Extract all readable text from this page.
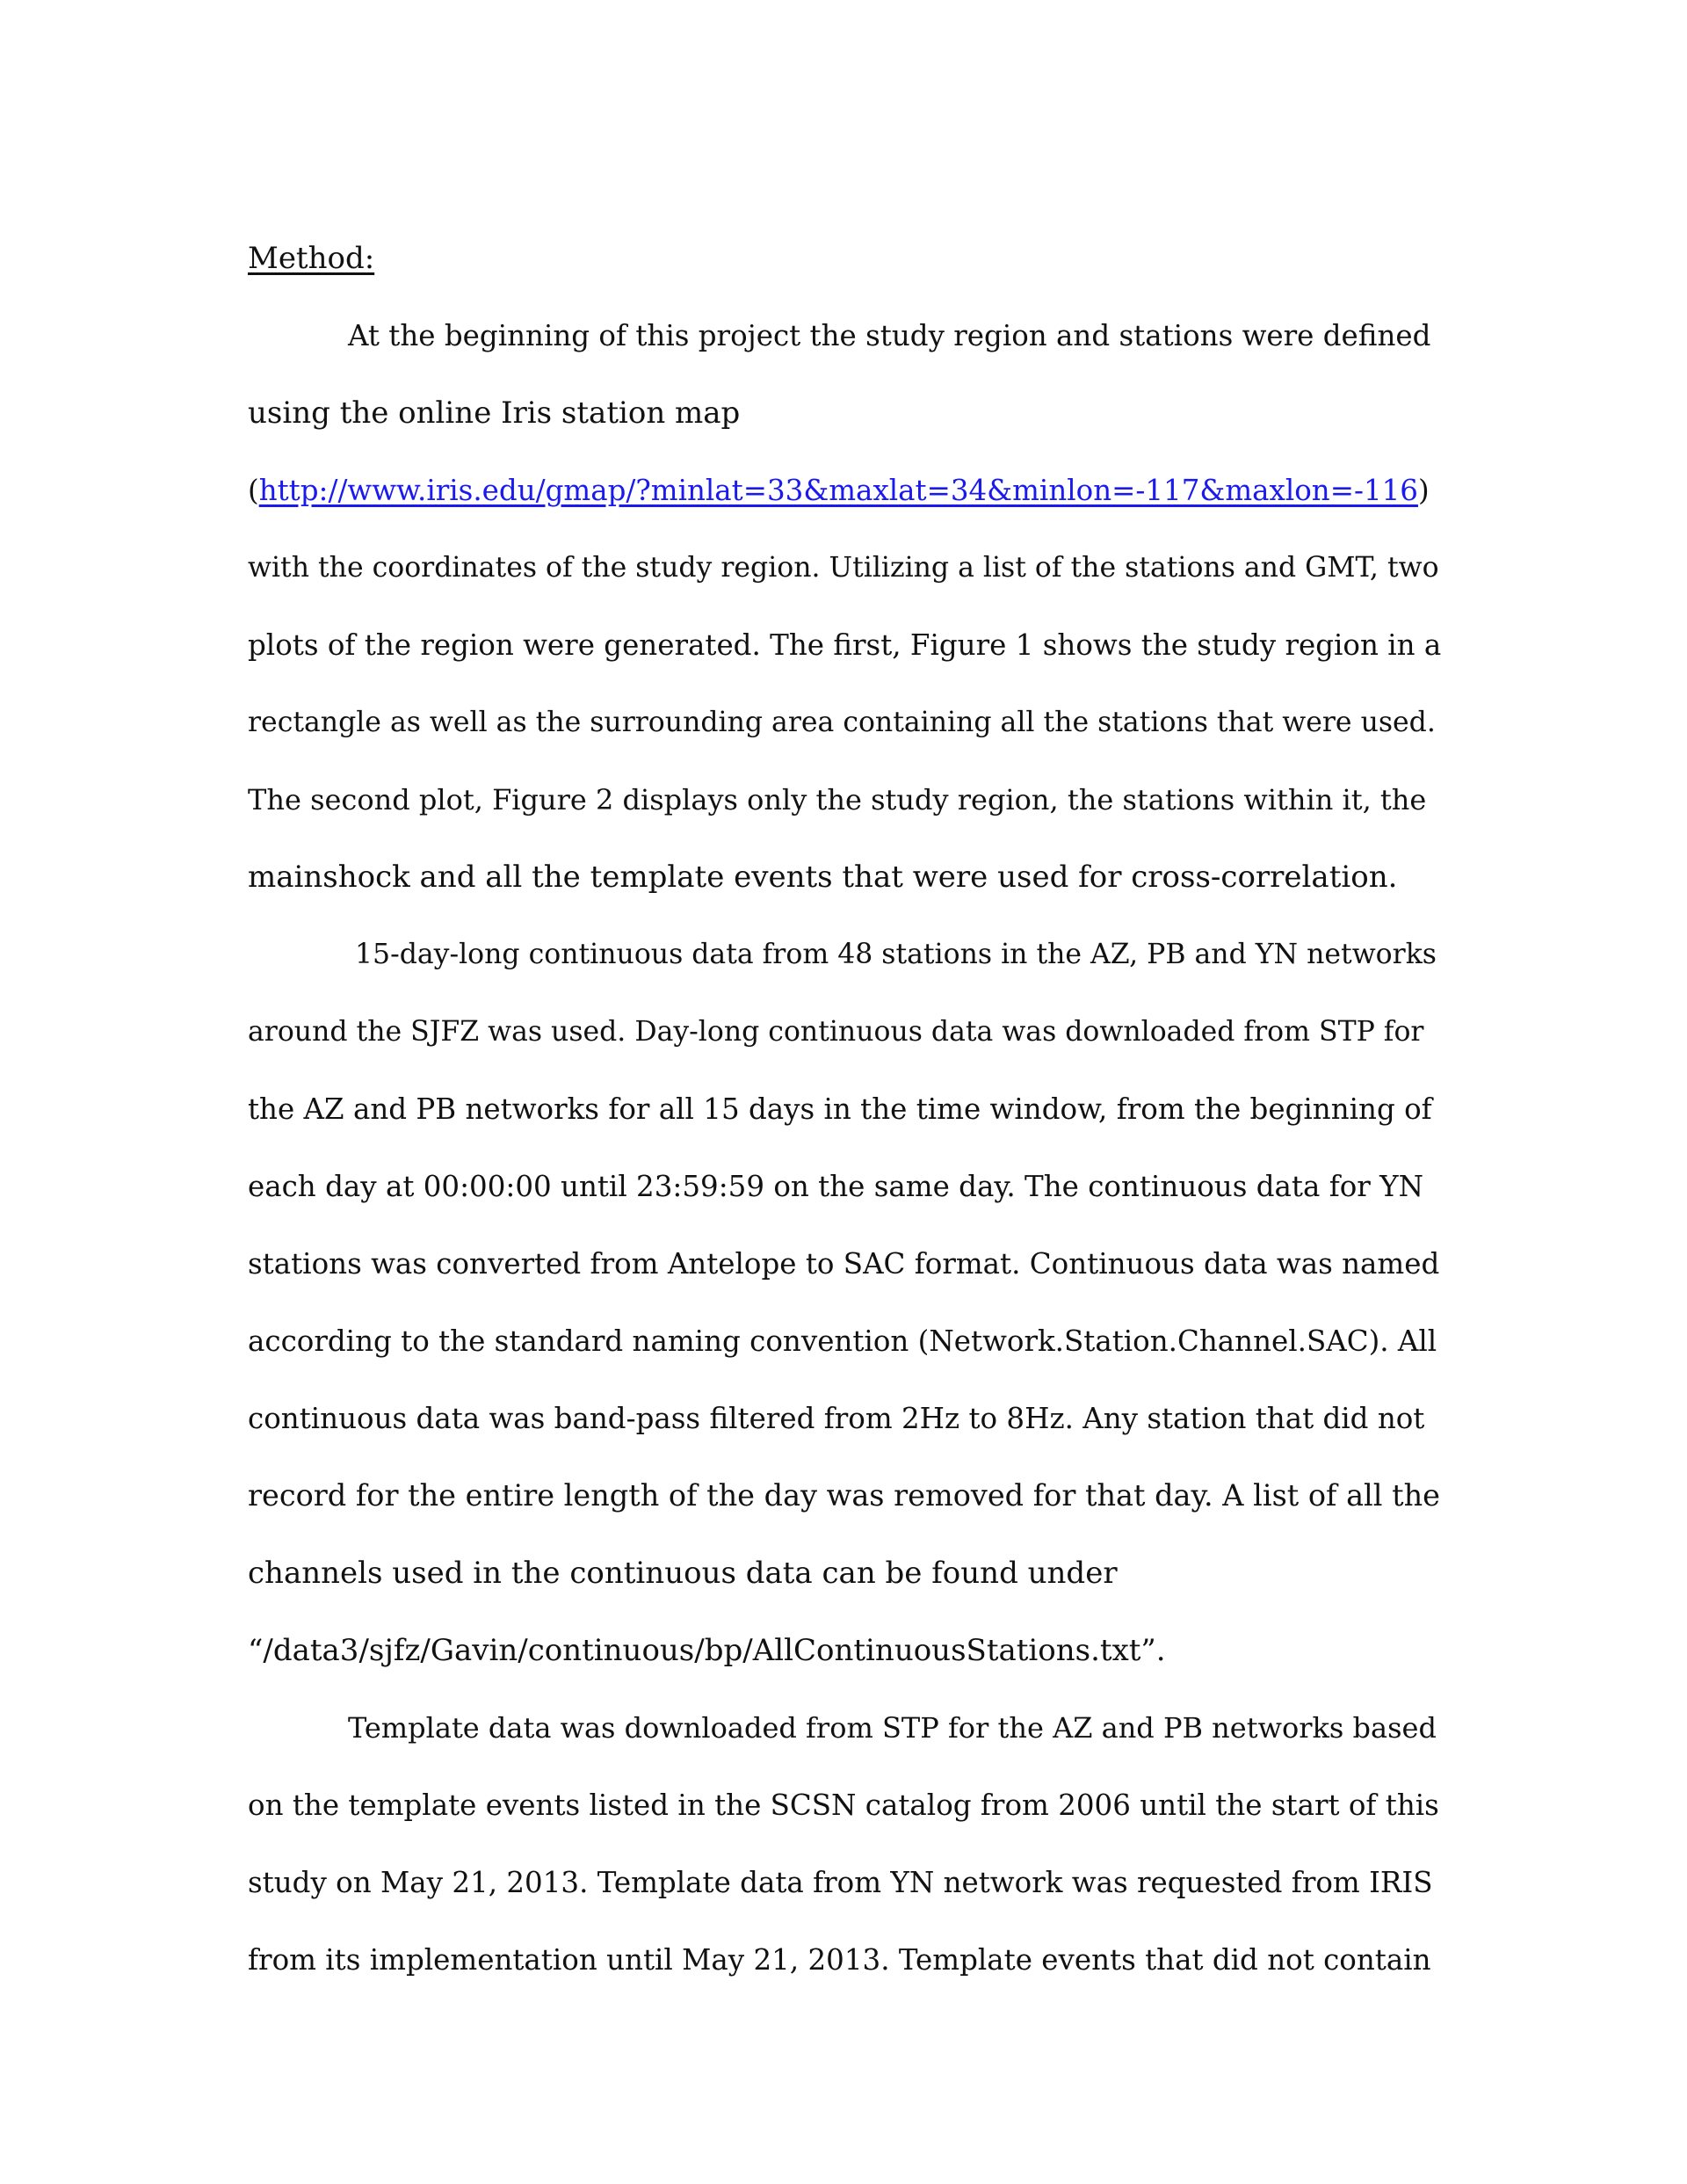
Method:
At the beginning of this project the study region and stations were defined
using the online Iris station map
(http://www.iris.edu/gmap/?minlat=33&maxlat=34&minlon=-117&maxlon=-116)
with the coordinates of the study region. Utilizing a list of the stations and GMT, two
plots of the region were generated. The first, Figure 1 shows the study region in a
rectangle as well as the surrounding area containing all the stations that were used.
The second plot, Figure 2 displays only the study region, the stations within it, the
mainshock and all the template events that were used for cross-correlation.
15-day-long continuous data from 48 stations in the AZ, PB and YN networks
around the SJFZ was used. Day-long continuous data was downloaded from STP for
the AZ and PB networks for all 15 days in the time window, from the beginning of
each day at 00:00:00 until 23:59:59 on the same day. The continuous data for YN
stations was converted from Antelope to SAC format. Continuous data was named
according to the standard naming convention (Network.Station.Channel.SAC). All
continuous data was band-pass filtered from 2Hz to 8Hz. Any station that did not
record for the entire length of the day was removed for that day. A list of all the
channels used in the continuous data can be found under
“/data3/sjfz/Gavin/continuous/bp/AllContinuousStations.txt”.
Template data was downloaded from STP for the AZ and PB networks based
on the template events listed in the SCSN catalog from 2006 until the start of this
study on May 21, 2013. Template data from YN network was requested from IRIS
from its implementation until May 21, 2013. Template events that did not contain
